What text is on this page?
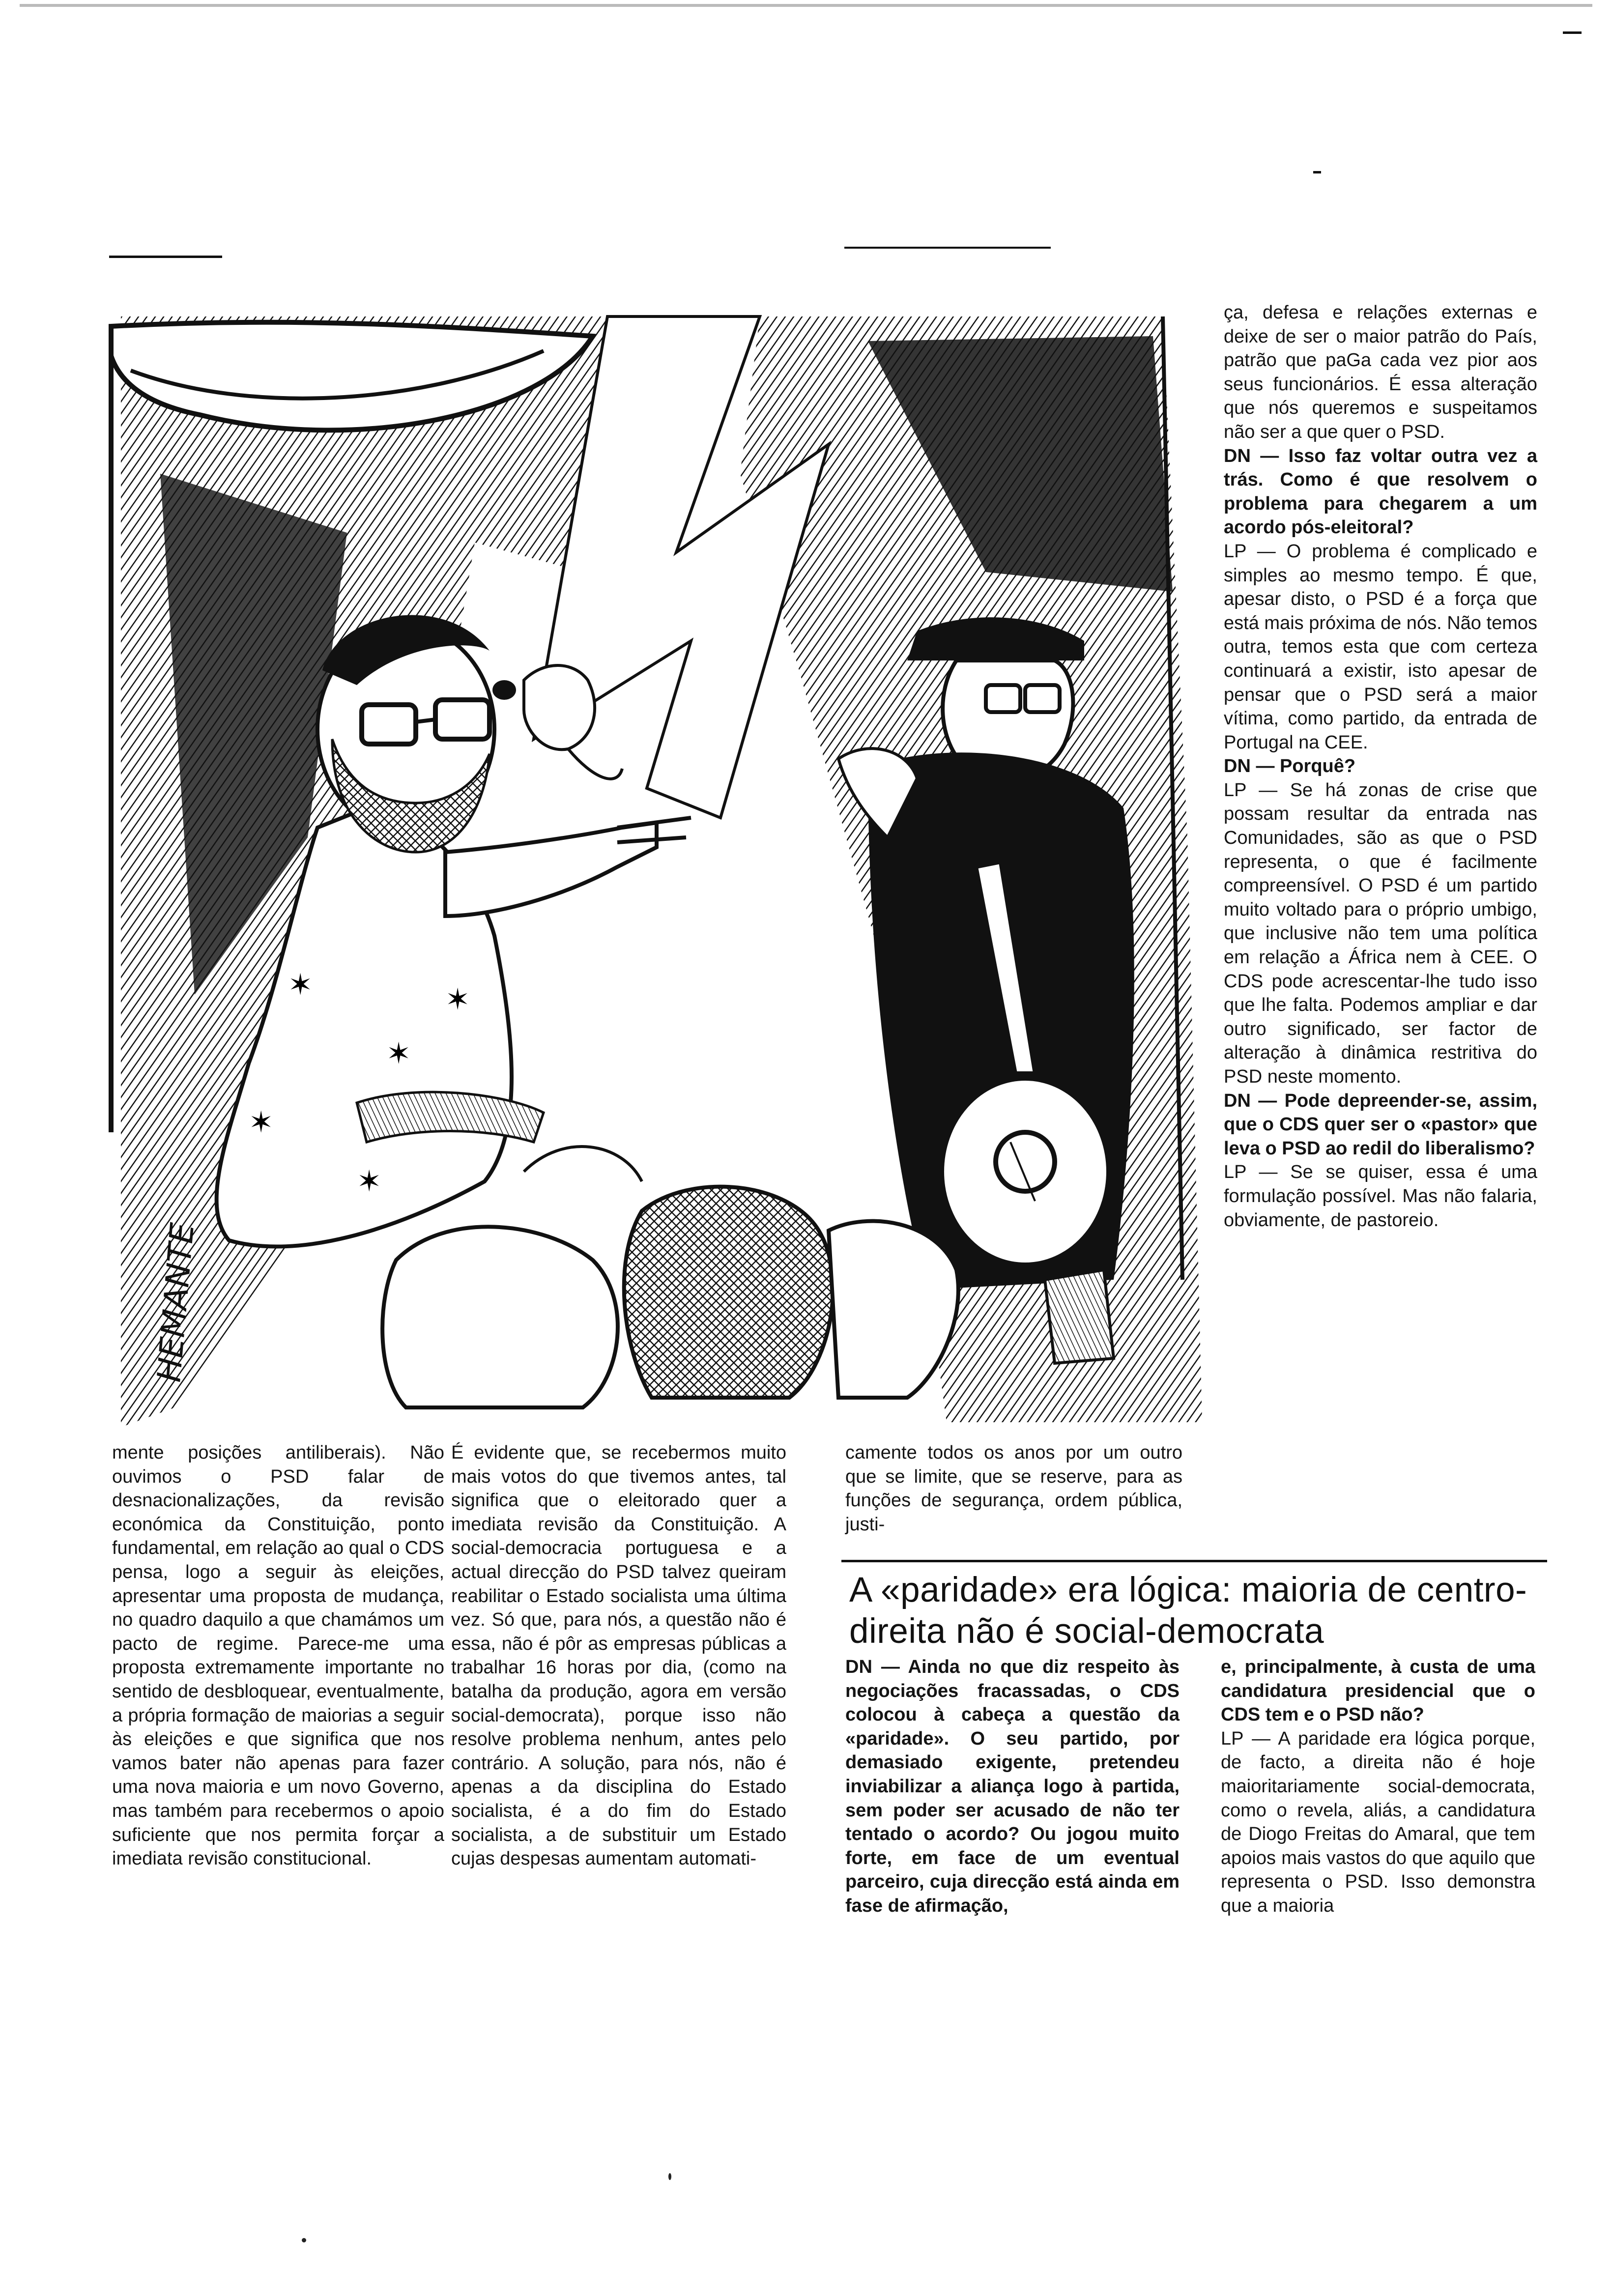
✶
✶
✶
✶
✶
HEMANTE

mente posições antiliberais). Não ouvimos o PSD falar de desnacionalizações, da revisão económica da Constituição, ponto fundamental, em relação ao qual o CDS pensa, logo a seguir às eleições, apresentar uma proposta de mudança, no quadro daquilo a que chamámos um pacto de regime. Parece-me uma proposta extremamente importante no sentido de desbloquear, eventualmente, a própria formação de maiorias a seguir às eleições e que significa que nos vamos bater não apenas para fazer uma nova maioria e um novo Governo, mas também para recebermos o apoio suficiente que nos permita forçar a imediata revisão constitucional.

É evidente que, se recebermos muito mais votos do que tivemos antes, tal significa que o eleitorado quer a imediata revisão da Constituição. A social-democracia portuguesa e a actual direcção do PSD talvez queiram reabilitar o Estado socialista uma última vez. Só que, para nós, a questão não é essa, não é pôr as empresas públicas a trabalhar 16 horas por dia, (como na batalha da produção, agora em versão social-democrata), porque isso não resolve problema nenhum, antes pelo contrário. A solução, para nós, não é apenas a da disciplina do Estado socialista, é a do fim do Estado socialista, a de substituir um Estado cujas despesas aumentam automati-

camente todos os anos por um outro que se limite, que se reserve, para as funções de segurança, ordem pública, justi-

ça, defesa e relações externas e deixe de ser o maior patrão do País, patrão que paGa cada vez pior aos seus funcionários. É essa alteração que nós queremos e suspeitamos não ser a que quer o PSD.

DN — Isso faz voltar outra vez a trás. Como é que resolvem o problema para chegarem a um acordo pós-eleitoral?

LP — O problema é complicado e simples ao mesmo tempo. É que, apesar disto, o PSD é a força que está mais próxima de nós. Não temos outra, temos esta que com certeza continuará a existir, isto apesar de pensar que o PSD será a maior vítima, como partido, da entrada de Portugal na CEE.

DN — Porquê?

LP — Se há zonas de crise que possam resultar da entrada nas Comunidades, são as que o PSD representa, o que é facilmente compreensível. O PSD é um partido muito voltado para o próprio umbigo, que inclusive não tem uma política em relação a África nem à CEE. O CDS pode acrescentar-lhe tudo isso que lhe falta. Podemos ampliar e dar outro significado, ser factor de alteração à dinâmica restritiva do PSD neste momento.

DN — Pode depreender-se, assim, que o CDS quer ser o «pastor» que leva o PSD ao redil do liberalismo?

LP — Se se quiser, essa é uma formulação possível. Mas não falaria, obviamente, de pastoreio.

A «paridade» era lógica: maioria de centro-direita não é social-democrata

DN — Ainda no que diz respeito às negociações fracassadas, o CDS colocou à cabeça a questão da «paridade». O seu partido, por demasiado exigente, pretendeu inviabilizar a aliança logo à partida, sem poder ser acusado de não ter tentado o acordo? Ou jogou muito forte, em face de um eventual parceiro, cuja direcção está ainda em fase de afirmação,

e, principalmente, à custa de uma candidatura presidencial que o CDS tem e o PSD não?

LP — A paridade era lógica porque, de facto, a direita não é hoje maioritariamente social-democrata, como o revela, aliás, a candidatura de Diogo Freitas do Amaral, que tem apoios mais vastos do que aquilo que representa o PSD. Isso demonstra que a maioria
